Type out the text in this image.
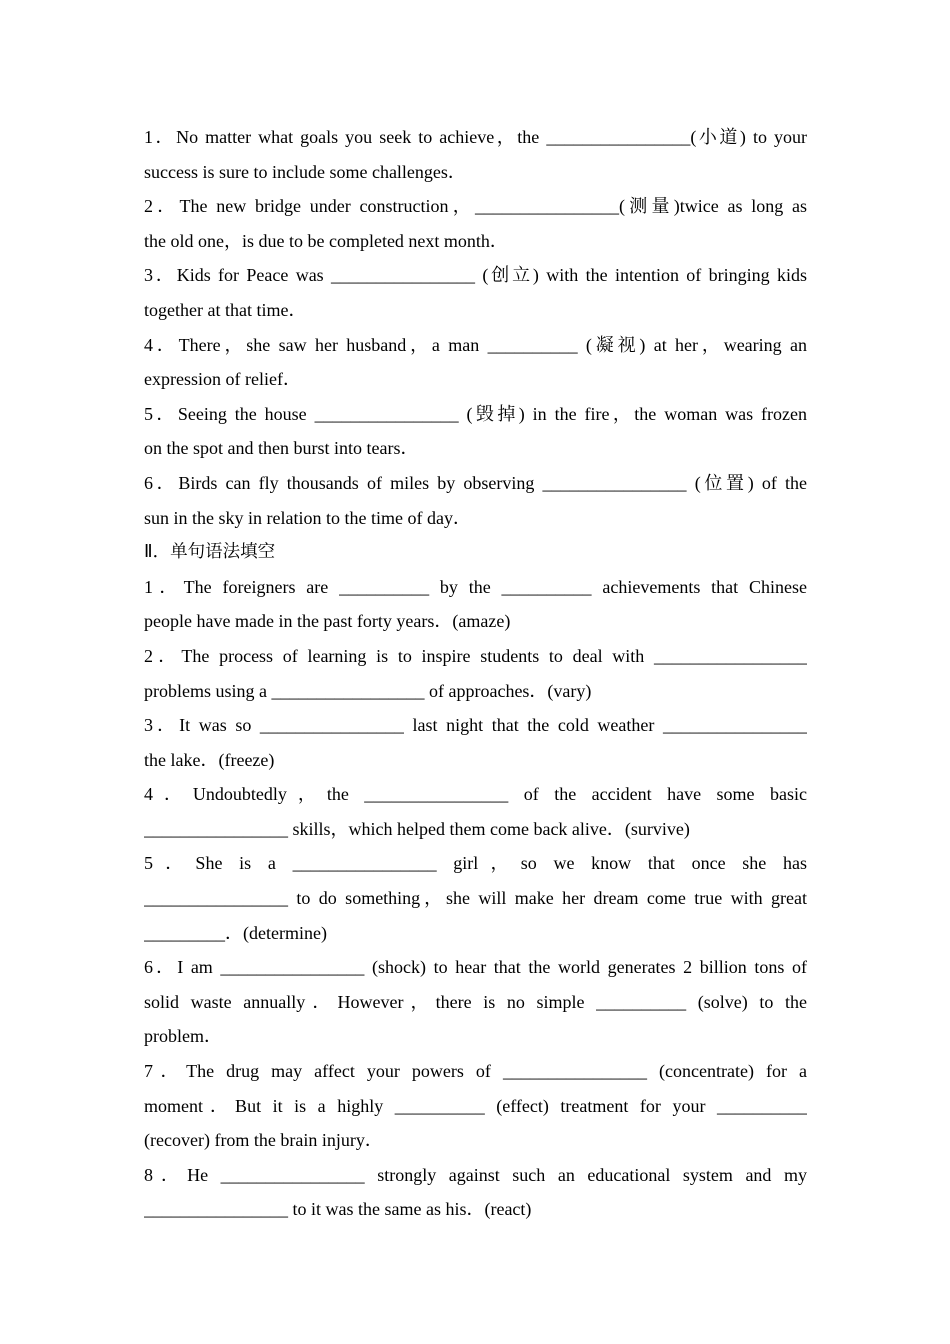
1．No matter what goals you seek to achieve，the ________________(小道) to your
success is sure to include some challenges．
2．The new bridge under construction，________________(测量)twice as long as
the old one，is due to be completed next month．
3．Kids for Peace was ________________ (创立) with the intention of bringing kids
together at that time．
4．There，she saw her husband，a man __________ (凝视) at her，wearing an
expression of relief．
5．Seeing the house ________________ (毁掉) in the fire，the woman was frozen
on the spot and then burst into tears．
6．Birds can fly thousands of miles by observing ________________ (位置) of the
sun in the sky in relation to the time of day．
Ⅱ．单句语法填空
1．The foreigners are __________ by the __________ achievements that Chinese
people have made in the past forty years．(amaze)
2．The process of learning is to inspire students to deal with _________________
problems using a _________________ of approaches．(vary)
3．It was so ________________ last night that the cold weather ________________
the lake．(freeze)
4．Undoubtedly，the ________________ of the accident have some basic
________________ skills，which helped them come back alive．(survive)
5．She is a ________________ girl，so we know that once she has
________________ to do something，she will make her dream come true with great
_________．(determine)
6．I am ________________ (shock) to hear that the world generates 2 billion tons of
solid waste annually．However，there is no simple __________ (solve) to the
problem．
7．The drug may affect your powers of ________________ (concentrate) for a
moment．But it is a highly __________ (effect) treatment for your __________
(recover) from the brain injury．
8．He ________________ strongly against such an educational system and my
________________ to it was the same as his．(react)
